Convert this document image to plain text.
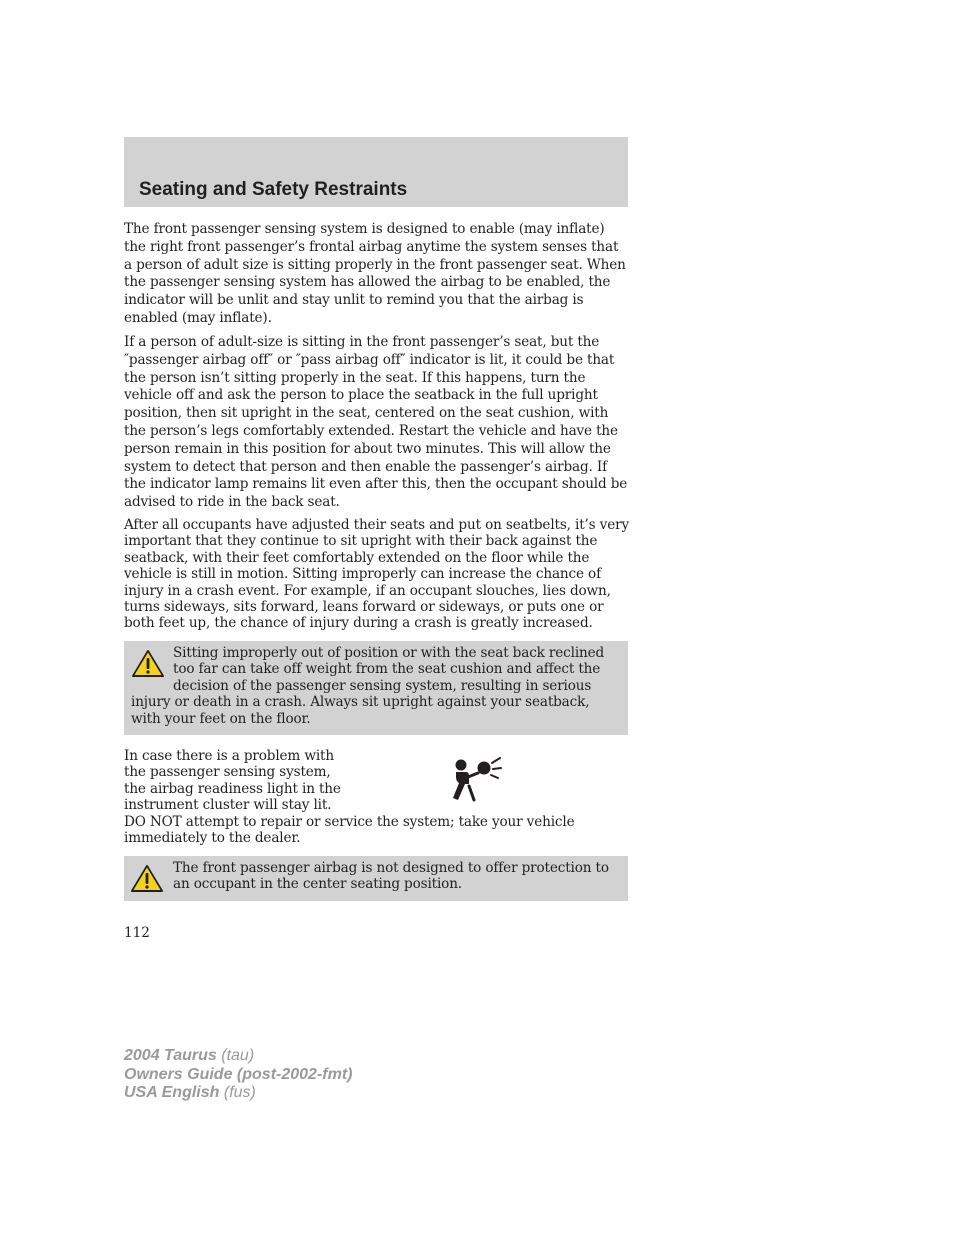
Seating and Safety Restraints

The front passenger sensing system is designed to enable (may inflate) the right front passenger’s frontal airbag anytime the system senses that a person of adult size is sitting properly in the front passenger seat. When the passenger sensing system has allowed the airbag to be enabled, the indicator will be unlit and stay unlit to remind you that the airbag is enabled (may inflate).

If a person of adult-size is sitting in the front passenger’s seat, but the ″passenger airbag off″ or ″pass airbag off″ indicator is lit, it could be that the person isn’t sitting properly in the seat. If this happens, turn the vehicle off and ask the person to place the seatback in the full upright position, then sit upright in the seat, centered on the seat cushion, with the person’s legs comfortably extended. Restart the vehicle and have the person remain in this position for about two minutes. This will allow the system to detect that person and then enable the passenger’s airbag. If the indicator lamp remains lit even after this, then the occupant should be advised to ride in the back seat.

After all occupants have adjusted their seats and put on seatbelts, it’s very important that they continue to sit upright with their back against the seatback, with their feet comfortably extended on the floor while the vehicle is still in motion. Sitting improperly can increase the chance of injury in a crash event. For example, if an occupant slouches, lies down, turns sideways, sits forward, leans forward or sideways, or puts one or both feet up, the chance of injury during a crash is greatly increased.

Sitting improperly out of position or with the seat back reclined too far can take off weight from the seat cushion and affect the decision of the passenger sensing system, resulting in serious injury or death in a crash. Always sit upright against your seatback, with your feet on the floor.
In case there is a problem with the passenger sensing system, the airbag readiness light in the instrument cluster will stay lit. DO NOT attempt to repair or service the system; take your vehicle immediately to the dealer.
The front passenger airbag is not designed to offer protection to an occupant in the center seating position.

112

2004 Taurus (tau)
Owners Guide (post-2002-fmt)
USA English (fus)
